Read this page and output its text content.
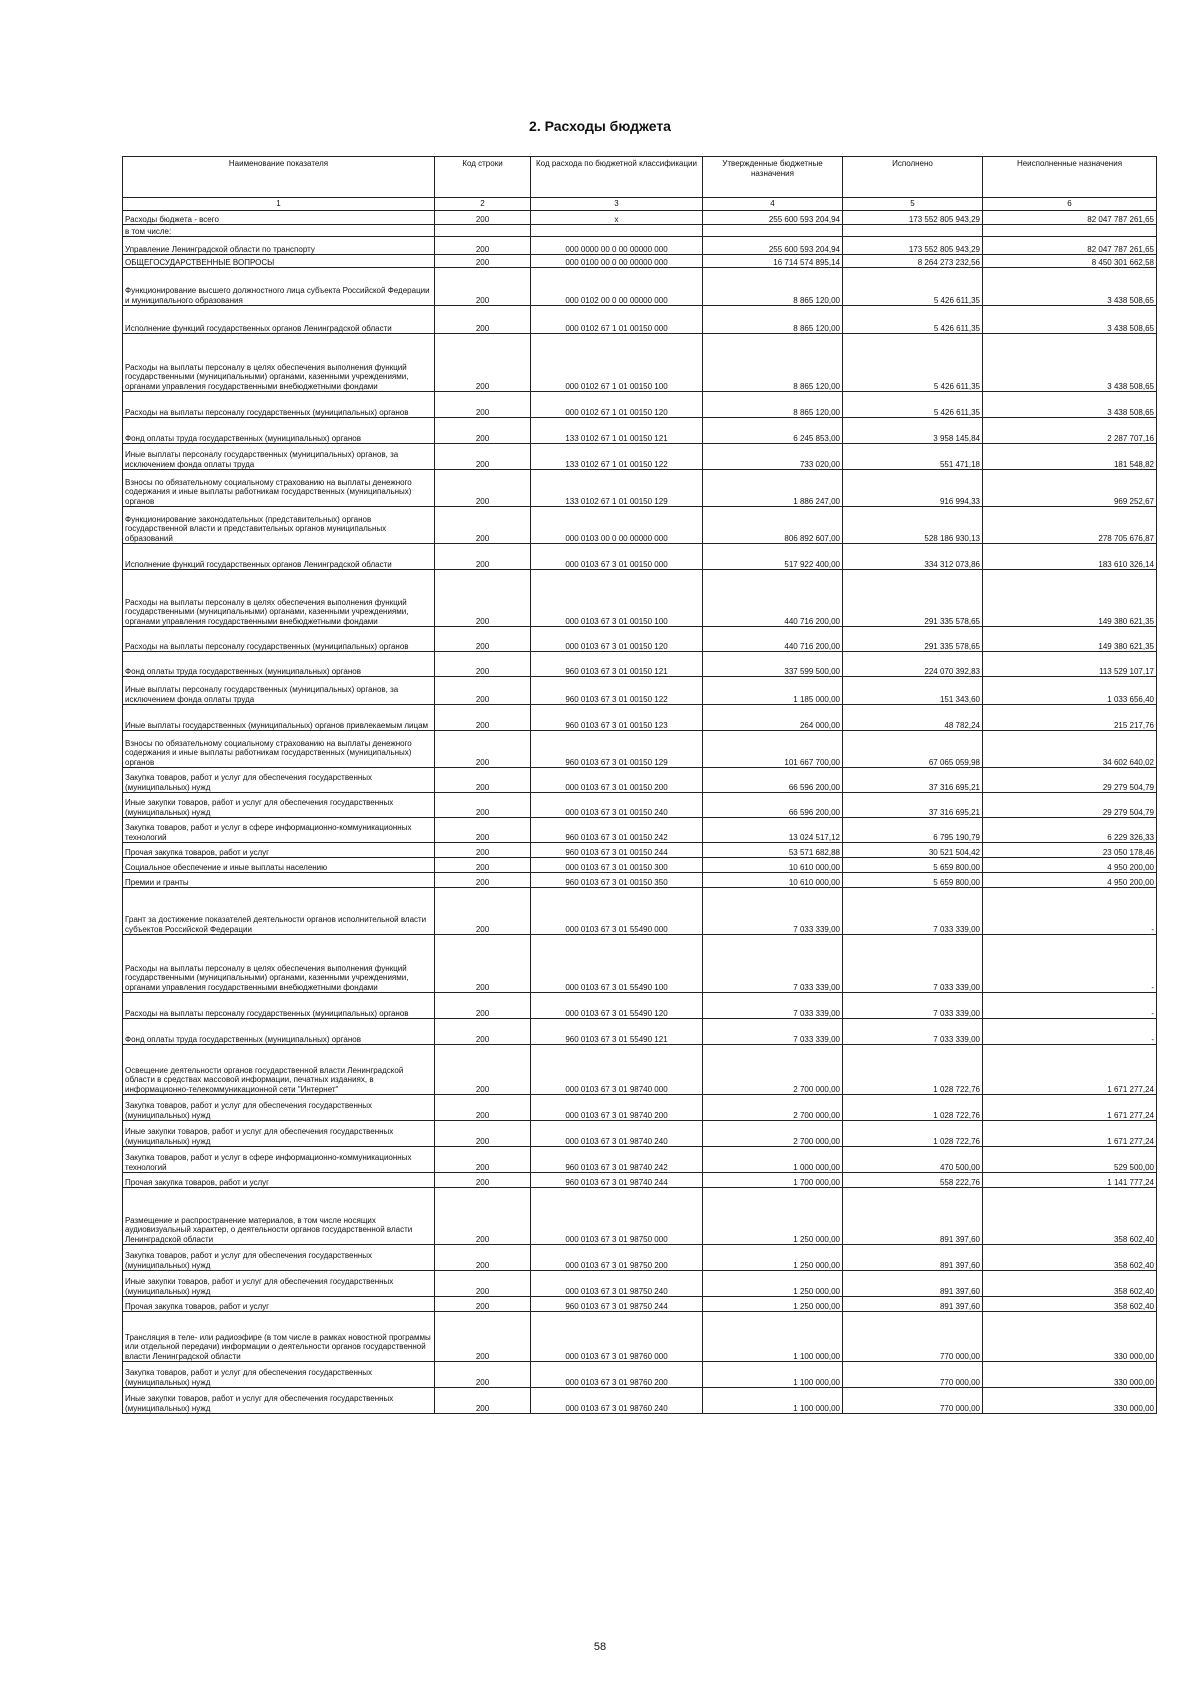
2. Расходы бюджета
Наименование показателя	Код строки	Код расхода по бюджетной классификации	Утвержденные бюджетные назначения	Исполнено	Неисполненные назначения
1	2	3	4	5	6
Расходы бюджета - всего	200	x	255 600 593 204,94	173 552 805 943,29	82 047 787 261,65
в том числе:					
Управление Ленинградской области по транспорту	200	000 0000 00 0 00 00000 000	255 600 593 204,94	173 552 805 943,29	82 047 787 261,65
ОБЩЕГОСУДАРСТВЕННЫЕ ВОПРОСЫ	200	000 0100 00 0 00 00000 000	16 714 574 895,14	8 264 273 232,56	8 450 301 662,58
Функционирование высшего должностного лица субъекта Российской Федерации и муниципального образования	200	000 0102 00 0 00 00000 000	8 865 120,00	5 426 611,35	3 438 508,65
Исполнение функций государственных органов Ленинградской области	200	000 0102 67 1 01 00150 000	8 865 120,00	5 426 611,35	3 438 508,65
Расходы на выплаты персоналу в целях обеспечения выполнения функций государственными (муниципальными) органами, казенными учреждениями, органами управления государственными внебюджетными фондами	200	000 0102 67 1 01 00150 100	8 865 120,00	5 426 611,35	3 438 508,65
Расходы на выплаты персоналу государственных (муниципальных) органов	200	000 0102 67 1 01 00150 120	8 865 120,00	5 426 611,35	3 438 508,65
Фонд оплаты труда государственных (муниципальных) органов	200	133 0102 67 1 01 00150 121	6 245 853,00	3 958 145,84	2 287 707,16
Иные выплаты персоналу государственных (муниципальных) органов, за исключением фонда оплаты труда	200	133 0102 67 1 01 00150 122	733 020,00	551 471,18	181 548,82
Взносы по обязательному социальному страхованию на выплаты денежного содержания и иные выплаты работникам государственных (муниципальных) органов	200	133 0102 67 1 01 00150 129	1 886 247,00	916 994,33	969 252,67
Функционирование законодательных (представительных) органов государственной власти и представительных органов муниципальных образований	200	000 0103 00 0 00 00000 000	806 892 607,00	528 186 930,13	278 705 676,87
Исполнение функций государственных органов Ленинградской области	200	000 0103 67 3 01 00150 000	517 922 400,00	334 312 073,86	183 610 326,14
Расходы на выплаты персоналу в целях обеспечения выполнения функций государственными (муниципальными) органами, казенными учреждениями, органами управления государственными внебюджетными фондами	200	000 0103 67 3 01 00150 100	440 716 200,00	291 335 578,65	149 380 621,35
Расходы на выплаты персоналу государственных (муниципальных) органов	200	000 0103 67 3 01 00150 120	440 716 200,00	291 335 578,65	149 380 621,35
Фонд оплаты труда государственных (муниципальных) органов	200	960 0103 67 3 01 00150 121	337 599 500,00	224 070 392,83	113 529 107,17
Иные выплаты персоналу государственных (муниципальных) органов, за исключением фонда оплаты труда	200	960 0103 67 3 01 00150 122	1 185 000,00	151 343,60	1 033 656,40
Иные выплаты государственных (муниципальных) органов привлекаемым лицам	200	960 0103 67 3 01 00150 123	264 000,00	48 782,24	215 217,76
Взносы по обязательному социальному страхованию на выплаты денежного содержания и иные выплаты работникам государственных (муниципальных) органов	200	960 0103 67 3 01 00150 129	101 667 700,00	67 065 059,98	34 602 640,02
Закупка товаров, работ и услуг для обеспечения государственных (муниципальных) нужд	200	000 0103 67 3 01 00150 200	66 596 200,00	37 316 695,21	29 279 504,79
Иные закупки товаров, работ и услуг для обеспечения государственных (муниципальных) нужд	200	000 0103 67 3 01 00150 240	66 596 200,00	37 316 695,21	29 279 504,79
Закупка товаров, работ и услуг в сфере информационно-коммуникационных технологий	200	960 0103 67 3 01 00150 242	13 024 517,12	6 795 190,79	6 229 326,33
Прочая закупка товаров, работ и услуг	200	960 0103 67 3 01 00150 244	53 571 682,88	30 521 504,42	23 050 178,46
Социальное обеспечение и иные выплаты населению	200	000 0103 67 3 01 00150 300	10 610 000,00	5 659 800,00	4 950 200,00
Премии и гранты	200	960 0103 67 3 01 00150 350	10 610 000,00	5 659 800,00	4 950 200,00
Грант за достижение показателей деятельности органов исполнительной власти субъектов Российской Федерации	200	000 0103 67 3 01 55490 000	7 033 339,00	7 033 339,00	-
Расходы на выплаты персоналу в целях обеспечения выполнения функций государственными (муниципальными) органами, казенными учреждениями, органами управления государственными внебюджетными фондами	200	000 0103 67 3 01 55490 100	7 033 339,00	7 033 339,00	-
Расходы на выплаты персоналу государственных (муниципальных) органов	200	000 0103 67 3 01 55490 120	7 033 339,00	7 033 339,00	-
Фонд оплаты труда государственных (муниципальных) органов	200	960 0103 67 3 01 55490 121	7 033 339,00	7 033 339,00	-
Освещение деятельности органов государственной власти Ленинградской области в средствах массовой информации, печатных изданиях, в информационно-телекоммуникационной сети "Интернет"	200	000 0103 67 3 01 98740 000	2 700 000,00	1 028 722,76	1 671 277,24
Закупка товаров, работ и услуг для обеспечения государственных (муниципальных) нужд	200	000 0103 67 3 01 98740 200	2 700 000,00	1 028 722,76	1 671 277,24
Иные закупки товаров, работ и услуг для обеспечения государственных (муниципальных) нужд	200	000 0103 67 3 01 98740 240	2 700 000,00	1 028 722,76	1 671 277,24
Закупка товаров, работ и услуг в сфере информационно-коммуникационных технологий	200	960 0103 67 3 01 98740 242	1 000 000,00	470 500,00	529 500,00
Прочая закупка товаров, работ и услуг	200	960 0103 67 3 01 98740 244	1 700 000,00	558 222,76	1 141 777,24
Размещение и распространение материалов, в том числе носящих аудиовизуальный характер, о деятельности органов государственной власти Ленинградской области	200	000 0103 67 3 01 98750 000	1 250 000,00	891 397,60	358 602,40
Закупка товаров, работ и услуг для обеспечения государственных (муниципальных) нужд	200	000 0103 67 3 01 98750 200	1 250 000,00	891 397,60	358 602,40
Иные закупки товаров, работ и услуг для обеспечения государственных (муниципальных) нужд	200	000 0103 67 3 01 98750 240	1 250 000,00	891 397,60	358 602,40
Прочая закупка товаров, работ и услуг	200	960 0103 67 3 01 98750 244	1 250 000,00	891 397,60	358 602,40
Трансляция в теле- или радиоэфире (в том числе в рамках новостной программы или отдельной передачи) информации о деятельности органов государственной власти Ленинградской области	200	000 0103 67 3 01 98760 000	1 100 000,00	770 000,00	330 000,00
Закупка товаров, работ и услуг для обеспечения государственных (муниципальных) нужд	200	000 0103 67 3 01 98760 200	1 100 000,00	770 000,00	330 000,00
Иные закупки товаров, работ и услуг для обеспечения государственных (муниципальных) нужд	200	000 0103 67 3 01 98760 240	1 100 000,00	770 000,00	330 000,00
58
